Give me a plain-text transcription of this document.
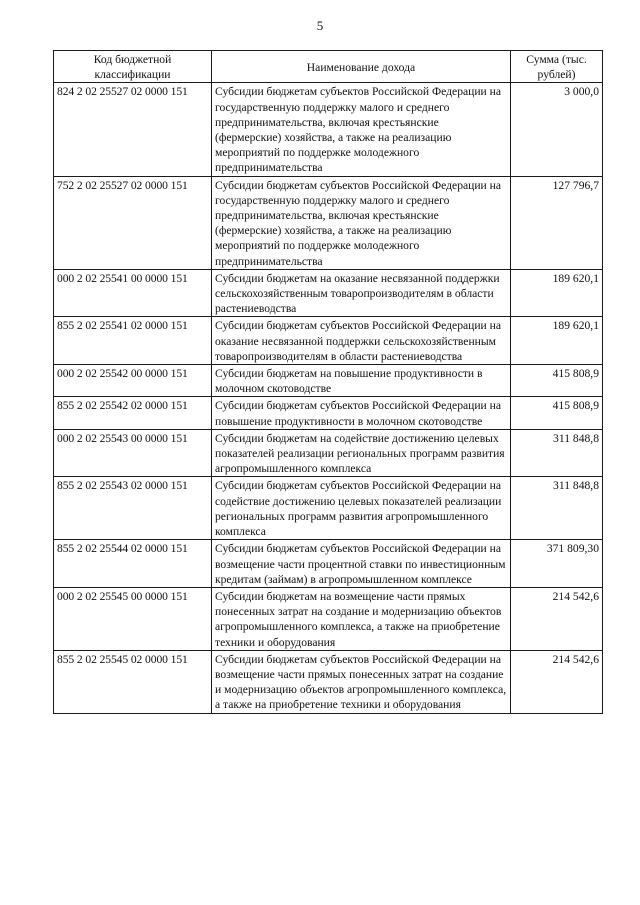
5
Код бюджетной классификации	Наименование дохода	Сумма (тыс. рублей)
824 2 02 25527 02 0000 151	Субсидии бюджетам субъектов Российской Федерации на государственную поддержку малого и среднего предпринимательства, включая крестьянские (фермерские) хозяйства, а также на реализацию мероприятий по поддержке молодежного предпринимательства	3 000,0
752 2 02 25527 02 0000 151	Субсидии бюджетам субъектов Российской Федерации на государственную поддержку малого и среднего предпринимательства, включая крестьянские (фермерские) хозяйства, а также на реализацию мероприятий по поддержке молодежного предпринимательства	127 796,7
000 2 02 25541 00 0000 151	Субсидии бюджетам на оказание несвязанной поддержки сельскохозяйственным товаропроизводителям в области растениеводства	189 620,1
855 2 02 25541 02 0000 151	Субсидии бюджетам субъектов Российской Федерации на оказание несвязанной поддержки сельскохозяйственным товаропроизводителям в области растениеводства	189 620,1
000 2 02 25542 00 0000 151	Субсидии бюджетам на повышение продуктивности в молочном скотоводстве	415 808,9
855 2 02 25542 02 0000 151	Субсидии бюджетам субъектов Российской Федерации на повышение продуктивности в молочном скотоводстве	415 808,9
000 2 02 25543 00 0000 151	Субсидии бюджетам на содействие достижению целевых показателей реализации региональных программ развития агропромышленного комплекса	311 848,8
855 2 02 25543 02 0000 151	Субсидии бюджетам субъектов Российской Федерации на содействие достижению целевых показателей реализации региональных программ развития агропромышленного комплекса	311 848,8
855 2 02 25544 02 0000 151	Субсидии бюджетам субъектов Российской Федерации на возмещение части процентной ставки по инвестиционным кредитам (займам) в агропромышленном комплексе	371 809,30
000 2 02 25545 00 0000 151	Субсидии бюджетам на возмещение части прямых понесенных затрат на создание и модернизацию объектов агропромышленного комплекса, а также на приобретение техники и оборудования	214 542,6
855 2 02 25545 02 0000 151	Субсидии бюджетам субъектов Российской Федерации на возмещение части прямых понесенных затрат на создание и модернизацию объектов агропромышленного комплекса, а также на приобретение техники и оборудования	214 542,6
